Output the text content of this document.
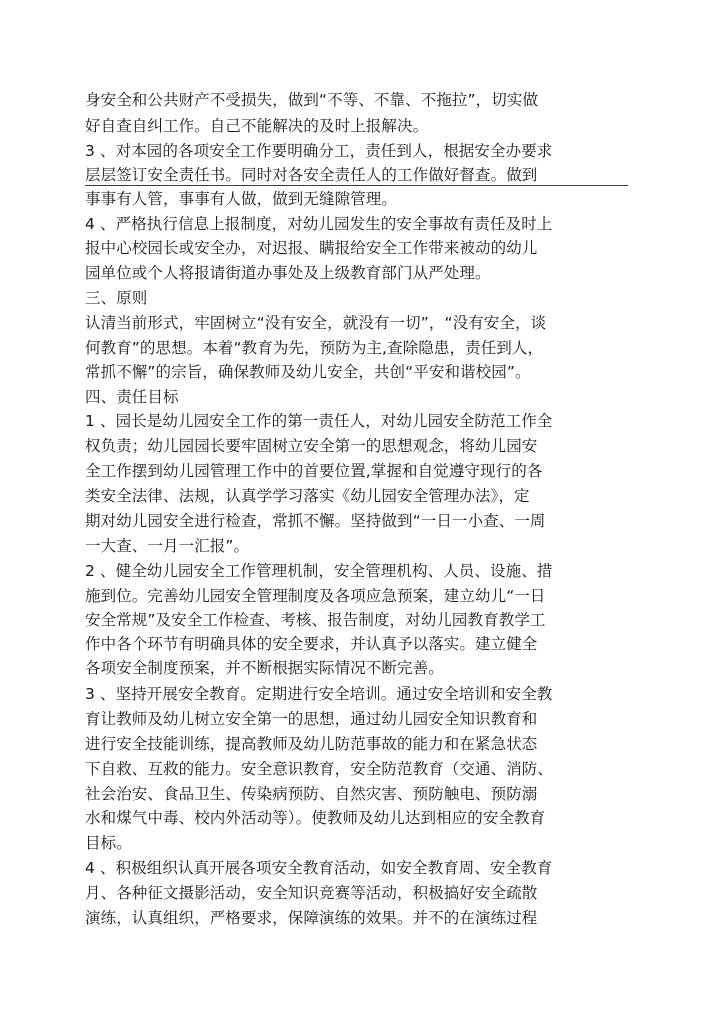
身安全和公共财产不受损失，做到“不等、不靠、不拖拉”，切实做
好自查自纠工作。自己不能解决的及时上报解决。
3 、对本园的各项安全工作要明确分工，责任到人，根据安全办要求
层层签订安全责任书。同时对各安全责任人的工作做好督查。做到
事事有人管，事事有人做，做到无缝隙管理。
4 、严格执行信息上报制度，对幼儿园发生的安全事故有责任及时上
报中心校园长或安全办，对迟报、瞒报给安全工作带来被动的幼儿
园单位或个人将报请街道办事处及上级教育部门从严处理。
三、原则
认清当前形式，牢固树立“没有安全，就没有一切”，“没有安全，谈
何教育”的思想。本着“教育为先，预防为主,查除隐患，责任到人，
常抓不懈”的宗旨，确保教师及幼儿安全，共创“平安和谐校园”。
四、责任目标
1 、园长是幼儿园安全工作的第一责任人，对幼儿园安全防范工作全
权负责；幼儿园园长要牢固树立安全第一的思想观念，将幼儿园安
全工作摆到幼儿园管理工作中的首要位置,掌握和自觉遵守现行的各
类安全法律、法规，认真学学习落实《幼儿园安全管理办法》，定
期对幼儿园安全进行检查，常抓不懈。坚持做到“一日一小查、一周
一大查、一月一汇报”。
2 、健全幼儿园安全工作管理机制，安全管理机构、人员、设施、措
施到位。完善幼儿园安全管理制度及各项应急预案，建立幼儿“一日
安全常规”及安全工作检查、考核、报告制度，对幼儿园教育教学工
作中各个环节有明确具体的安全要求，并认真予以落实。建立健全
各项安全制度预案，并不断根据实际情况不断完善。
3 、坚持开展安全教育。定期进行安全培训。通过安全培训和安全教
育让教师及幼儿树立安全第一的思想，通过幼儿园安全知识教育和
进行安全技能训练，提高教师及幼儿防范事故的能力和在紧急状态
下自救、互救的能力。安全意识教育，安全防范教育（交通、消防、
社会治安、食品卫生、传染病预防、自然灾害、预防触电、预防溺
水和煤气中毒、校内外活动等）。使教师及幼儿达到相应的安全教育
目标。
4 、积极组织认真开展各项安全教育活动，如安全教育周、安全教育
月、各种征文摄影活动，安全知识竞赛等活动，积极搞好安全疏散
演练，认真组织，严格要求，保障演练的效果。并不的在演练过程
